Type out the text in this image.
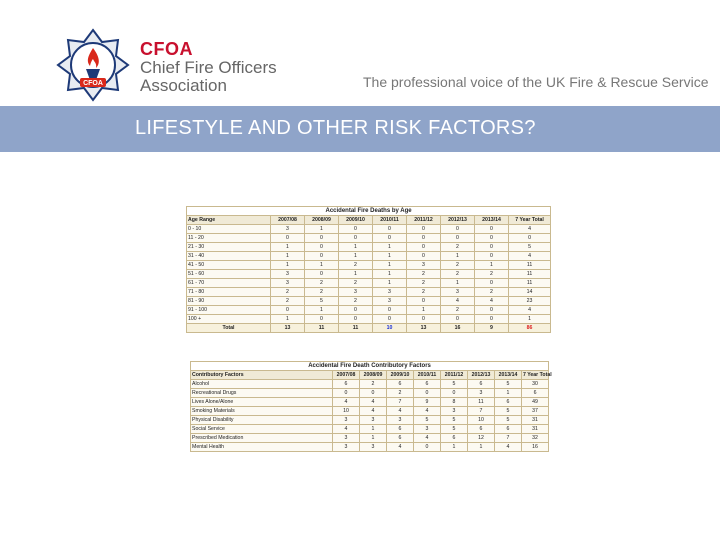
CFOA
CFOA
Chief Fire Officers
Association	The professional voice of the UK Fire & Rescue Service
LIFESTYLE AND OTHER RISK FACTORS?
Accidental Fire Deaths by Age								
Age Range	2007/08	2008/09	2009/10	2010/11	2011/12	2012/13	2013/14	7 Year Total
0 - 10	3	1	0	0	0	0	0	4
11 - 20	0	0	0	0	0	0	0	0
21 - 30	1	0	1	1	0	2	0	5
31 - 40	1	0	1	1	0	1	0	4
41 - 50	1	1	2	1	3	2	1	11
51 - 60	3	0	1	1	2	2	2	11
61 - 70	3	2	2	1	2	1	0	11
71 - 80	2	2	3	3	2	3	2	14
81 - 90	2	5	2	3	0	4	4	23
91 - 100	0	1	0	0	1	2	0	4
100 +	1	0	0	0	0	0	0	1
Total	13	11	11	10	13	16	9	86
Accidental Fire Death Contributory Factors								
Contributory Factors	2007/08	2008/09	2009/10	2010/11	2011/12	2012/13	2013/14	7 Year Total
Alcohol	6	2	6	6	5	6	5	30
Recreational Drugs	0	0	2	0	0	3	1	6
Lives Alone/Alone	4	4	7	9	8	11	6	49
Smoking Materials	10	4	4	4	3	7	5	37
Physical Disability	3	3	3	5	5	10	5	31
Social Service	4	1	6	3	5	6	6	31
Prescribed Medication	3	1	6	4	6	12	7	32
Mental Health	3	3	4	0	1	1	4	16
